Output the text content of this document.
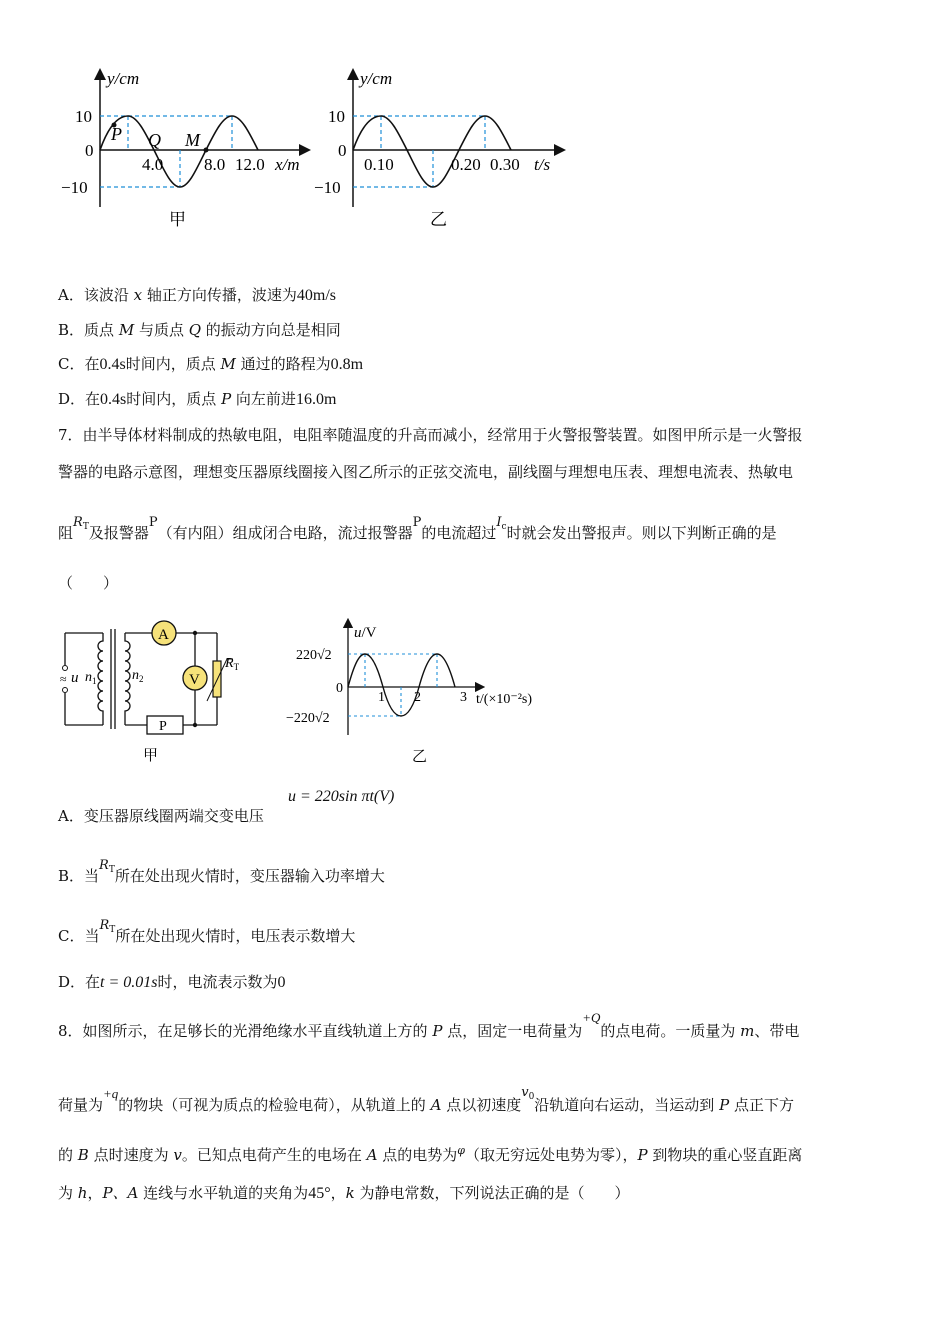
y/cm
10
0
−10
P Q M
4.0 8.0 12.0 x/m
甲
y/cm
10
0
−10
0.10	0.20 0.30 t/s
乙
A．该波沿 x 轴正方向传播，波速为40m/s
B．质点 M 与质点 Q 的振动方向总是相同
C．在0.4s时间内，质点 M 通过的路程为0.8m
D．在0.4s时间内，质点 P 向左前进16.0m
7．由半导体材料制成的热敏电阻，电阻率随温度的升高而减小，经常用于火警报警装置。如图甲所示是一火警报
警器的电路示意图，理想变压器原线圈接入图乙所示的正弦交流电，副线圈与理想电压表、理想电流表、热敏电
阻$R^T$及报警器P（有内阻）组成闭合电路，流过报警器P的电流超过$I^c$时就会发出警报声。则以下判断正确的是
（　　）
≈ u $n_1$	$n_2$
A
V
$R_T$
P
甲
u/V
220√2
0
−220√2
1 2	3 t/(×10⁻²s)
乙
A．变压器原线圈两端交变电压
u = 220sin πt(V)
B．当$R^T$所在处出现火情时，变压器输入功率增大
C．当$R^T$所在处出现火情时，电压表示数增大
D．在t = 0.01s时，电流表示数为0
8．如图所示，在足够长的光滑绝缘水平直线轨道上方的 P 点，固定一电荷量为+Q的点电荷。一质量为 m、带电
荷量为+q的物块（可视为质点的检验电荷），从轨道上的 A 点以初速度$v^0$沿轨道向右运动，当运动到 P 点正下方
的 B 点时速度为 v。已知点电荷产生的电场在 A 点的电势为$^\varphi$（取无穷远处电势为零），P 到物块的重心竖直距离
为 h，P、A 连线与水平轨道的夹角为45°，k 为静电常数，下列说法正确的是（　　）
